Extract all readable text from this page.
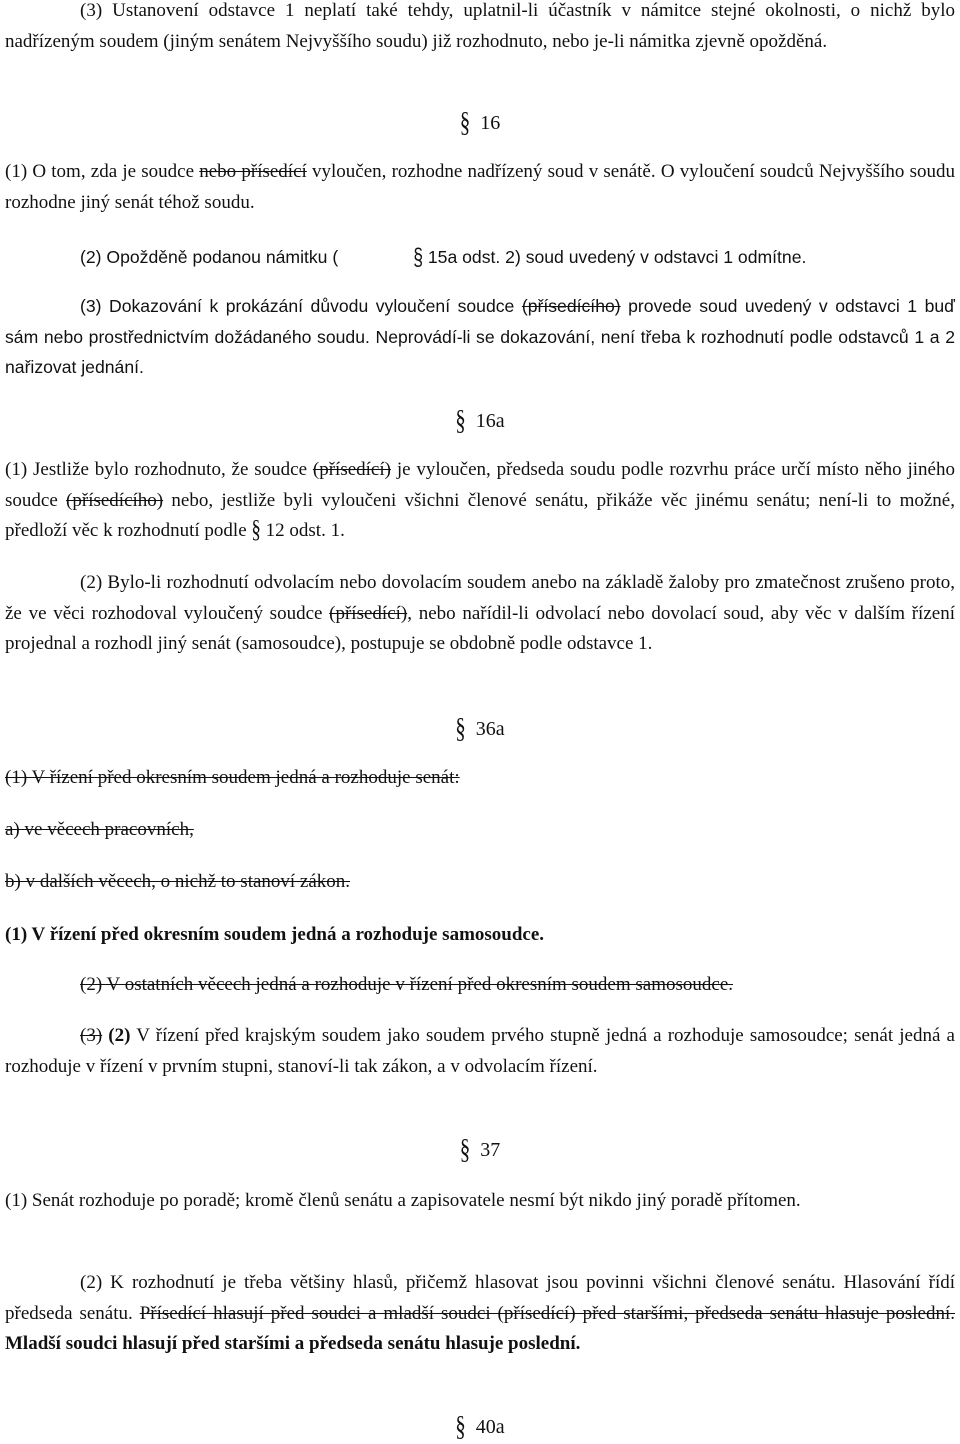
(3) Ustanovení odstavce 1 neplatí také tehdy, uplatnil-li účastník v námitce stejné okolnosti, o nichž bylo nadřízeným soudem (jiným senátem Nejvyššího soudu) již rozhodnuto, nebo je-li námitka zjevně opožděná.

§ 16

(1) O tom, zda je soudce nebo přísedící vyloučen, rozhodne nadřízený soud v senátě. O vyloučení soudců Nejvyššího soudu rozhodne jiný senát téhož soudu.

(2) Opožděně podanou námitku (	§ 15a odst. 2) soud uvedený v odstavci 1 odmítne.

(3) Dokazování k prokázání důvodu vyloučení soudce (přísedícího) provede soud uvedený v odstavci 1 buď sám nebo prostřednictvím dožádaného soudu. Neprovádí-li se dokazování, není třeba k rozhodnutí podle odstavců 1 a 2 nařizovat jednání.

§ 16a

(1) Jestliže bylo rozhodnuto, že soudce (přísedící) je vyloučen, předseda soudu podle rozvrhu práce určí místo něho jiného soudce (přísedícího) nebo, jestliže byli vyloučeni všichni členové senátu, přikáže věc jinému senátu; není-li to možné, předloží věc k rozhodnutí podle § 12 odst. 1.

(2) Bylo-li rozhodnutí odvolacím nebo dovolacím soudem anebo na základě žaloby pro zmatečnost zrušeno proto, že ve věci rozhodoval vyloučený soudce (přísedící), nebo nařídil-li odvolací nebo dovolací soud, aby věc v dalším řízení projednal a rozhodl jiný senát (samosoudce), postupuje se obdobně podle odstavce 1.

§ 36a

(1) V řízení před okresním soudem jedná a rozhoduje senát:

a) ve věcech pracovních,

b) v dalších věcech, o nichž to stanoví zákon.

(1) V řízení před okresním soudem jedná a rozhoduje samosoudce.

(2) V ostatních věcech jedná a rozhoduje v řízení před okresním soudem samosoudce.

(3) (2) V řízení před krajským soudem jako soudem prvého stupně jedná a rozhoduje samosoudce; senát jedná a rozhoduje v řízení v prvním stupni, stanoví-li tak zákon, a v odvolacím řízení.

§ 37

(1) Senát rozhoduje po poradě; kromě členů senátu a zapisovatele nesmí být nikdo jiný poradě přítomen.

(2) K rozhodnutí je třeba většiny hlasů, přičemž hlasovat jsou povinni všichni členové senátu. Hlasování řídí předseda senátu. Přísedící hlasují před soudci a mladší soudci (přísedící) před staršími, předseda senátu hlasuje poslední. Mladší soudci hlasují před staršími a předseda senátu hlasuje poslední.

§ 40a
